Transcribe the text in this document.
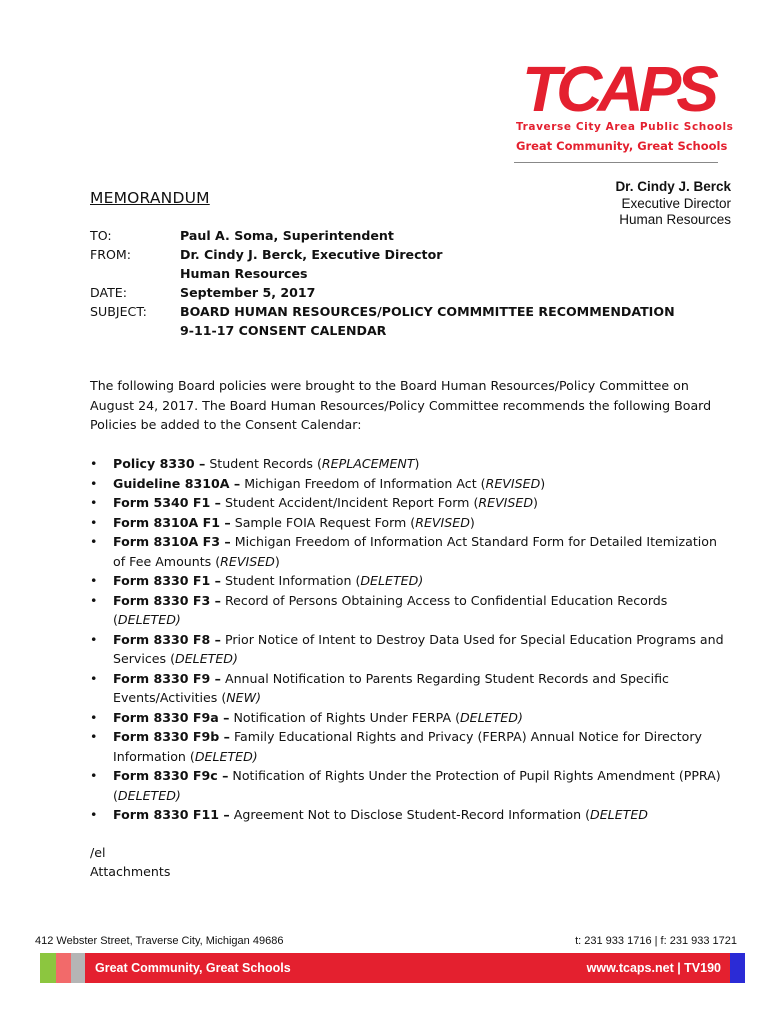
TCAPS
Traverse City Area Public Schools
Great Community, Great Schools
Dr. Cindy J. Berck
Executive Director
Human Resources
MEMORANDUM
TO:	Paul A. Soma, Superintendent
FROM:	Dr. Cindy J. Berck, Executive Director
Human Resources
DATE:	September 5, 2017
SUBJECT:	BOARD HUMAN RESOURCES/POLICY COMMMITTEE RECOMMENDATION
9-11-17 CONSENT CALENDAR
The following Board policies were brought to the Board Human Resources/Policy Committee on August 24, 2017. The Board Human Resources/Policy Committee recommends the following Board Policies be added to the Consent Calendar:
• Policy 8330 – Student Records (REPLACEMENT)
• Guideline 8310A – Michigan Freedom of Information Act (REVISED)
• Form 5340 F1 – Student Accident/Incident Report Form (REVISED)
• Form 8310A F1 – Sample FOIA Request Form (REVISED)
• Form 8310A F3 – Michigan Freedom of Information Act Standard Form for Detailed Itemization of Fee Amounts (REVISED)
• Form 8330 F1 – Student Information (DELETED)
• Form 8330 F3 – Record of Persons Obtaining Access to Confidential Education Records (DELETED)
• Form 8330 F8 – Prior Notice of Intent to Destroy Data Used for Special Education Programs and Services (DELETED)
• Form 8330 F9 – Annual Notification to Parents Regarding Student Records and Specific Events/Activities (NEW)
• Form 8330 F9a – Notification of Rights Under FERPA (DELETED)
• Form 8330 F9b – Family Educational Rights and Privacy (FERPA) Annual Notice for Directory Information (DELETED)
• Form 8330 F9c – Notification of Rights Under the Protection of Pupil Rights Amendment (PPRA) (DELETED)
• Form 8330 F11 – Agreement Not to Disclose Student-Record Information (DELETED
/el
Attachments
412 Webster Street, Traverse City, Michigan 49686	t: 231 933 1716 | f: 231 933 1721
Great Community, Great Schools	www.tcaps.net | TV190
